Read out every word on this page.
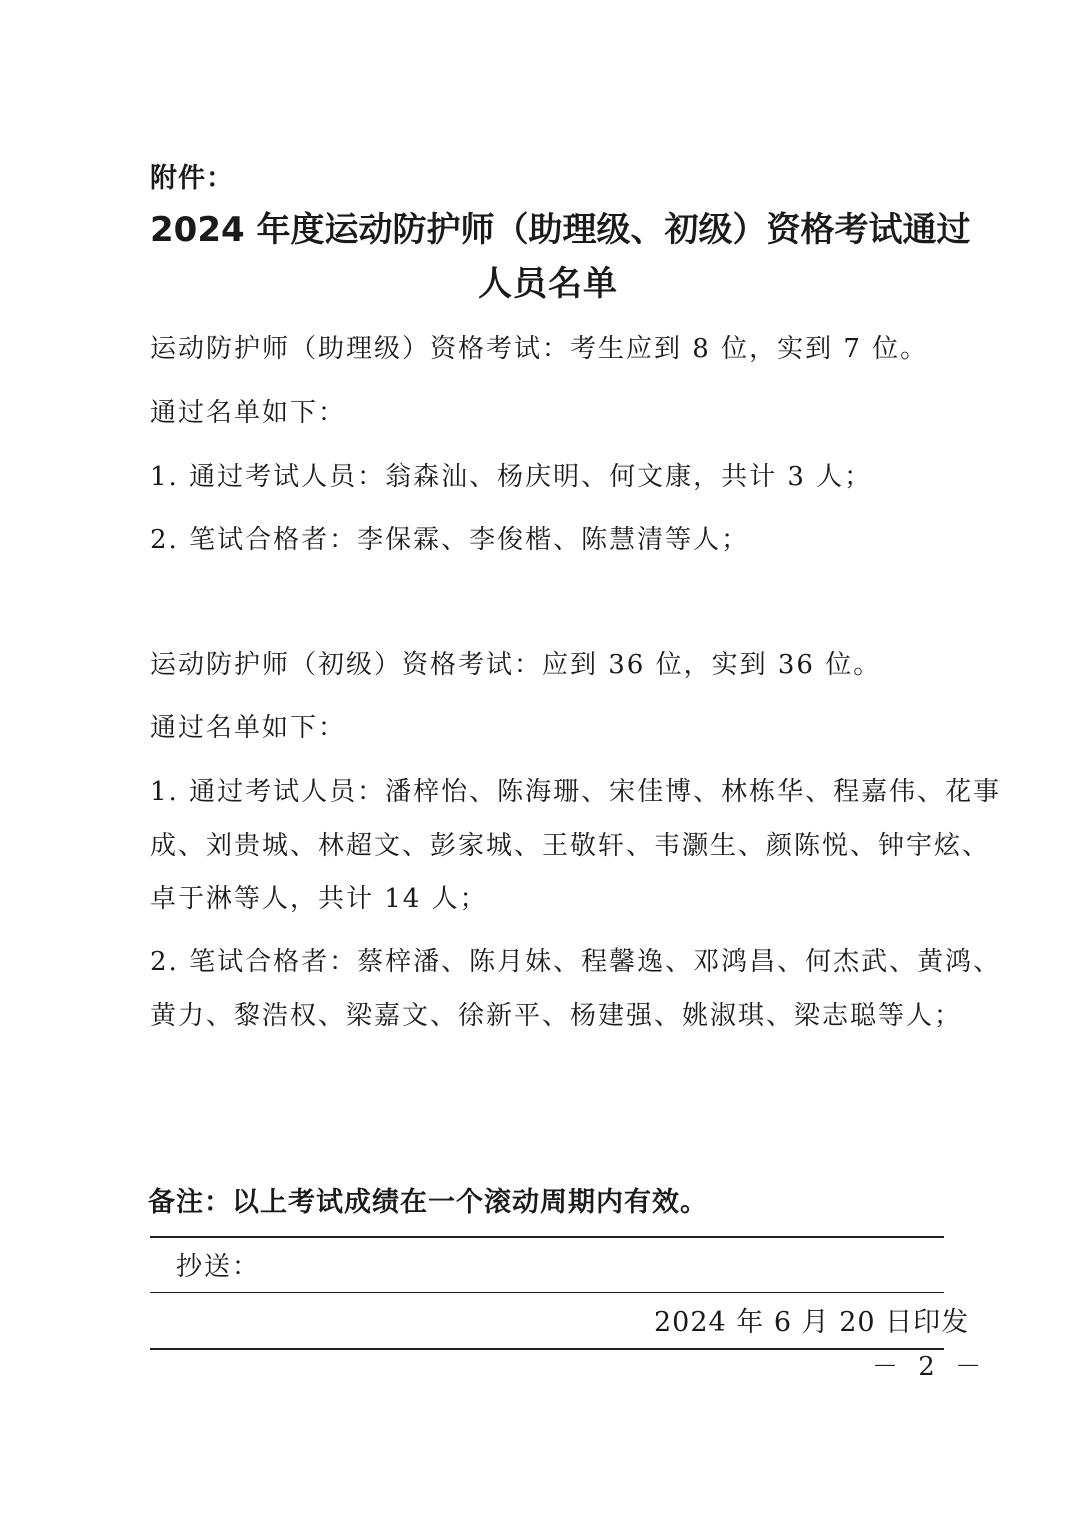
附件：
2024 年度运动防护师（助理级、初级）资格考试通过
人员名单
运动防护师（助理级）资格考试：考生应到 8 位，实到 7 位。
通过名单如下：
1. 通过考试人员：翁森汕、杨庆明、何文康，共计 3 人；
2. 笔试合格者：李保霖、李俊楷、陈慧清等人；
运动防护师（初级）资格考试：应到 36 位，实到 36 位。
通过名单如下：
1. 通过考试人员：潘梓怡、陈海珊、宋佳博、林栋华、程嘉伟、花事
成、刘贵城、林超文、彭家城、王敬轩、韦灏生、颜陈悦、钟宇炫、
卓于淋等人，共计 14 人；
2. 笔试合格者：蔡梓潘、陈月妹、程馨逸、邓鸿昌、何杰武、黄鸿、
黄力、黎浩权、梁嘉文、徐新平、杨建强、姚淑琪、梁志聪等人；
备注：以上考试成绩在一个滚动周期内有效。
抄送：
2024 年 6 月 20 日印发
－ 2 －
